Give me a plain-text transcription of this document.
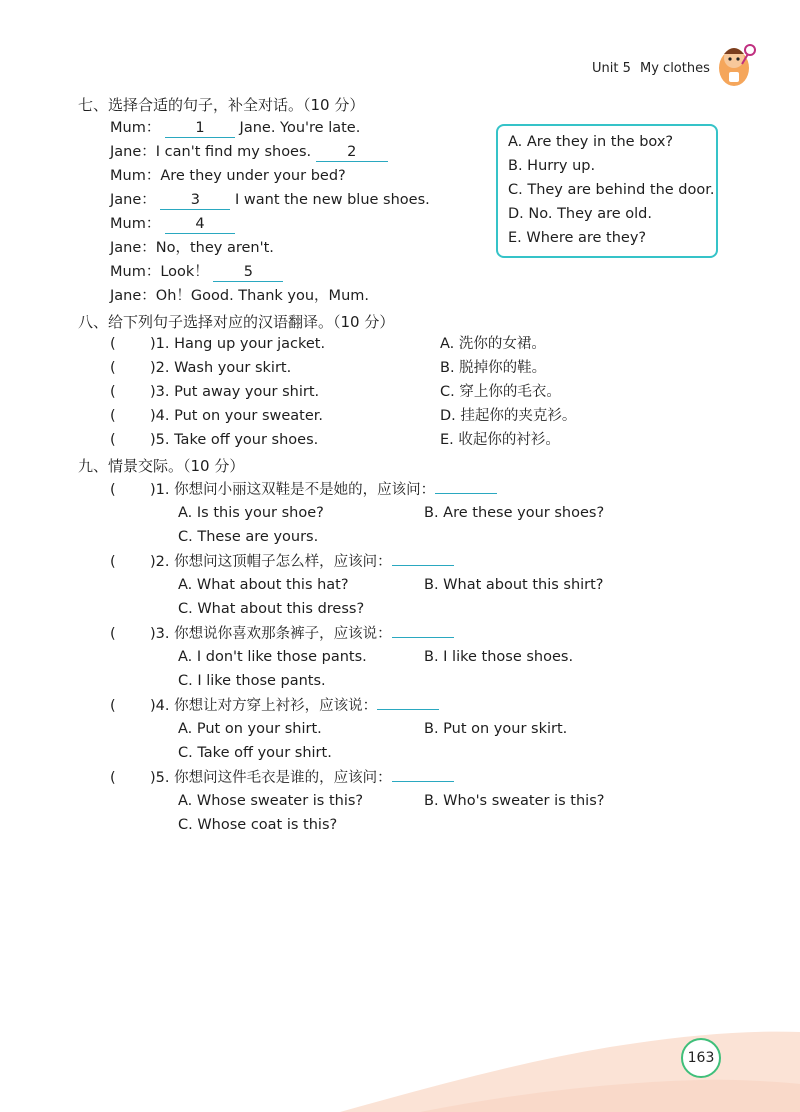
Unit 5 My clothes
七、选择合适的句子，补全对话。（10 分）
Mum： 1 Jane. You're late.
Jane：I can't find my shoes. 2
Mum：Are they under your bed?
Jane： 3 I want the new blue shoes.
Mum： 4
Jane：No，they aren't.
Mum：Look！ 5
Jane：Oh！Good. Thank you，Mum.
A. Are they in the box?
B. Hurry up.
C. They are behind the door.
D. No. They are old.
E. Where are they?
八、给下列句子选择对应的汉语翻译。（10 分）
( )1. Hang up your jacket.	A. 洗你的女裙。
( )2. Wash your skirt.	B. 脱掉你的鞋。
( )3. Put away your shirt.	C. 穿上你的毛衣。
( )4. Put on your sweater.	D. 挂起你的夹克衫。
( )5. Take off your shoes.	E. 收起你的衬衫。
九、情景交际。（10 分）
( )1. 你想问小丽这双鞋是不是她的，应该问：
A. Is this your shoe?	B. Are these your shoes?
C. These are yours.
( )2. 你想问这顶帽子怎么样，应该问：
A. What about this hat?	B. What about this shirt?
C. What about this dress?
( )3. 你想说你喜欢那条裤子，应该说：
A. I don't like those pants.	B. I like those shoes.
C. I like those pants.
( )4. 你想让对方穿上衬衫，应该说：
A. Put on your shirt.	B. Put on your skirt.
C. Take off your shirt.
( )5. 你想问这件毛衣是谁的，应该问：
A. Whose sweater is this?	B. Who's sweater is this?
C. Whose coat is this?
163
